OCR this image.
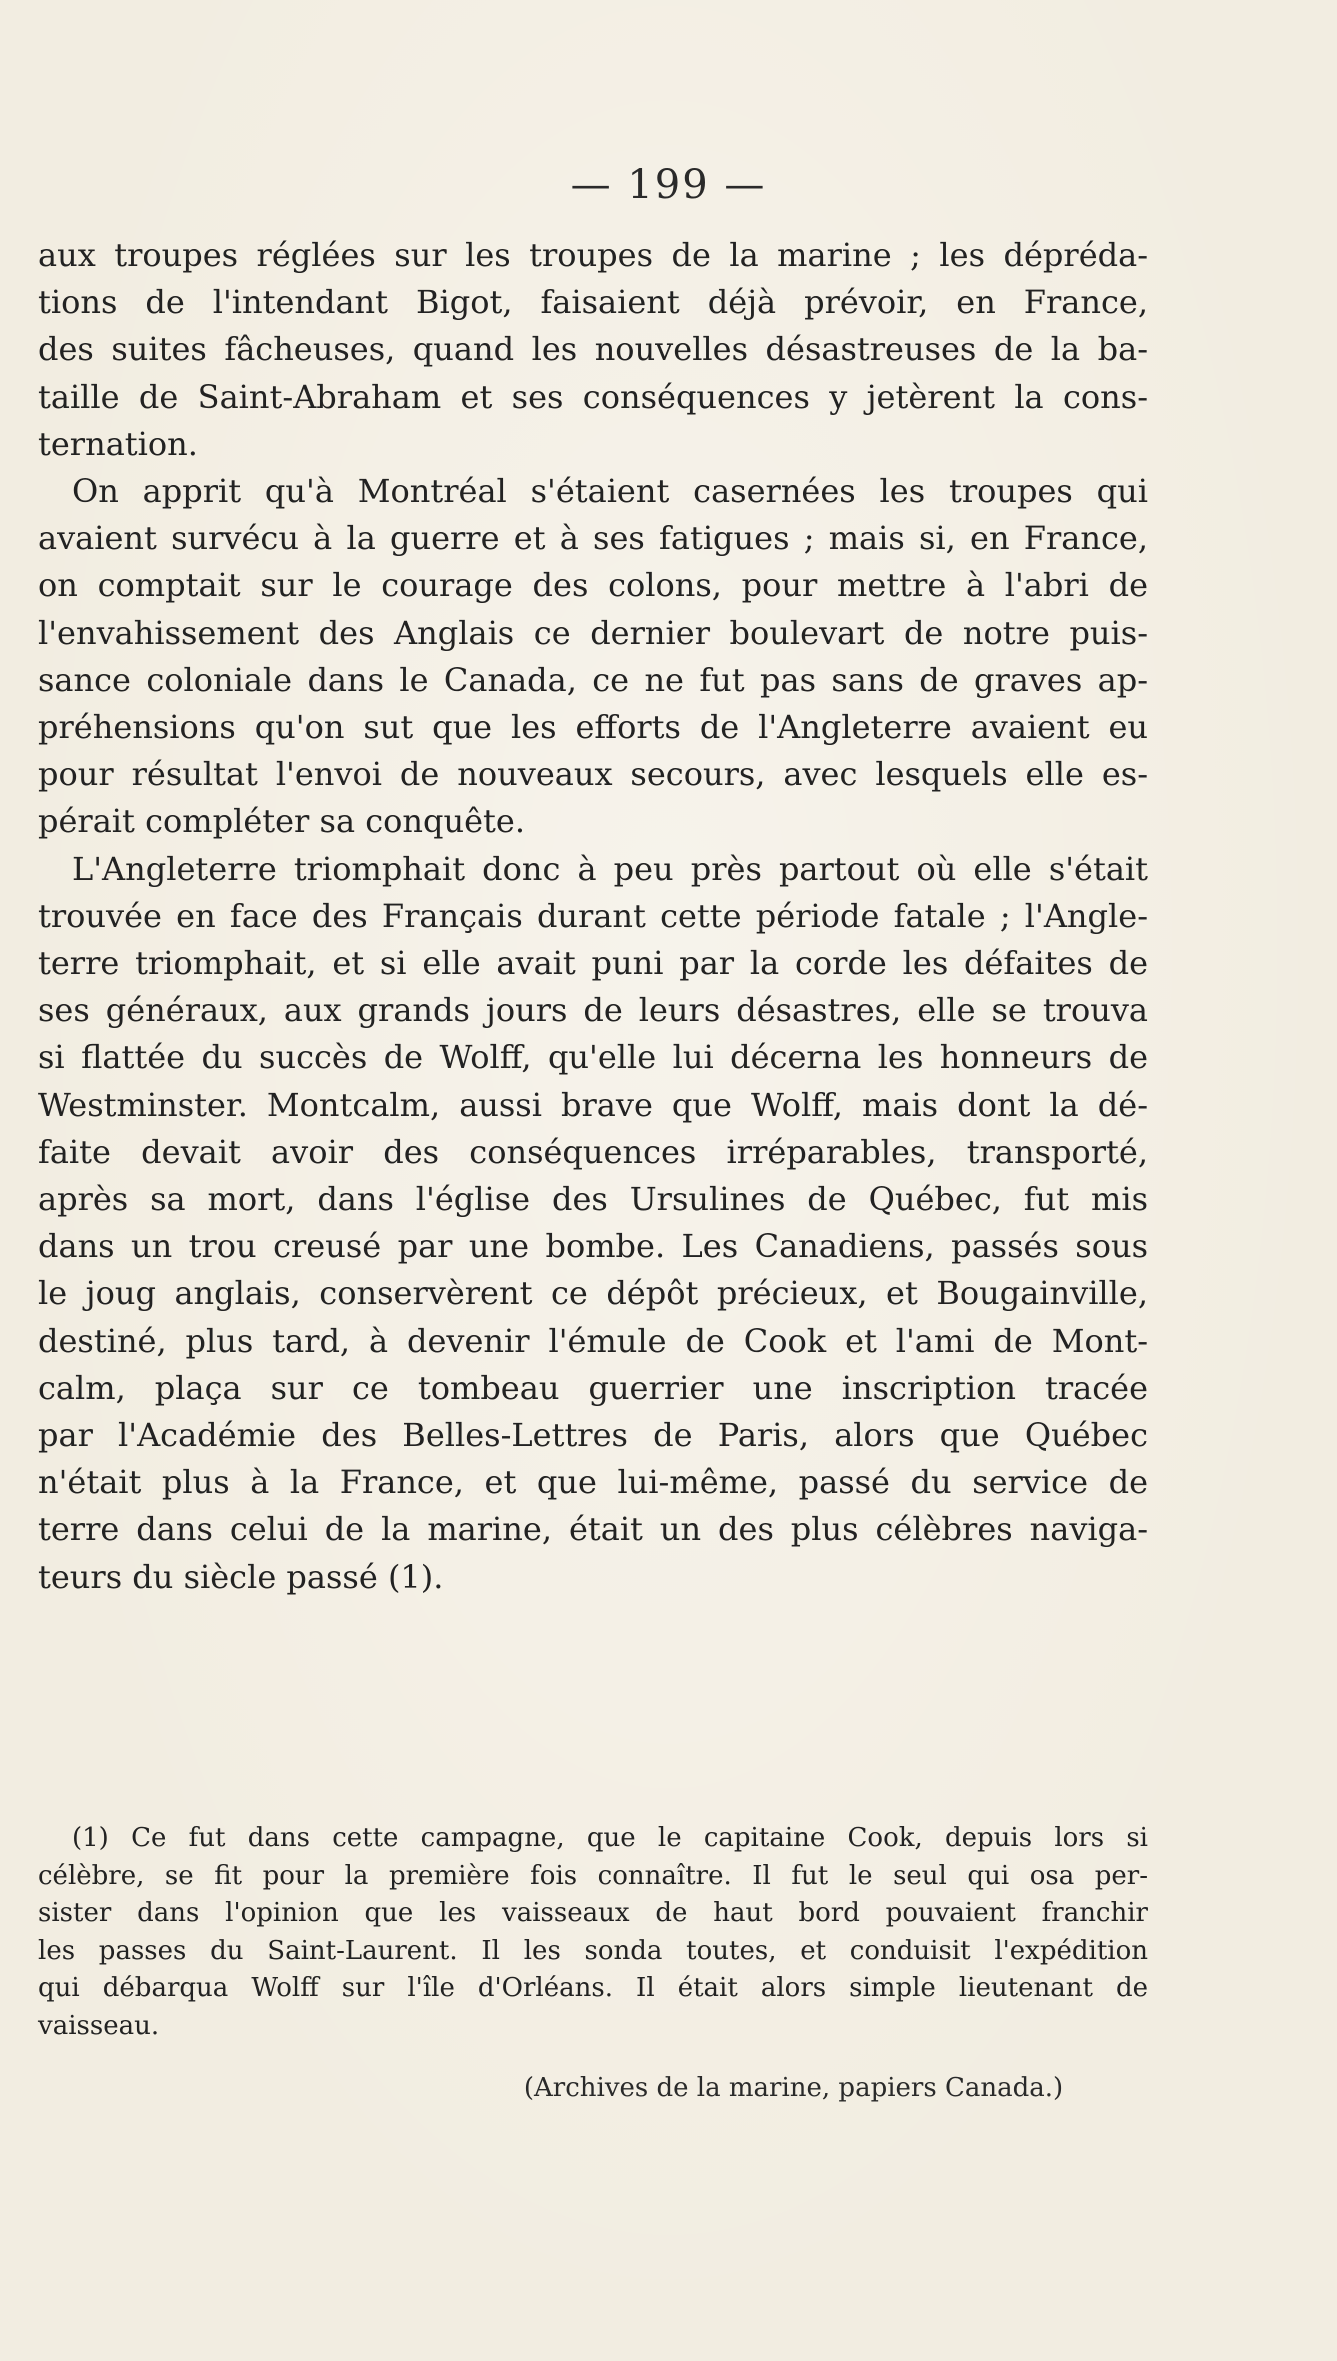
— 199 —
aux troupes réglées sur les troupes de la marine ; les dépréda-
tions de l'intendant Bigot, faisaient déjà prévoir, en France,
des suites fâcheuses, quand les nouvelles désastreuses de la ba-
taille de Saint-Abraham et ses conséquences y jetèrent la cons-
ternation.
On apprit qu'à Montréal s'étaient casernées les troupes qui
avaient survécu à la guerre et à ses fatigues ; mais si, en France,
on comptait sur le courage des colons, pour mettre à l'abri de
l'envahissement des Anglais ce dernier boulevart de notre puis-
sance coloniale dans le Canada, ce ne fut pas sans de graves ap-
préhensions qu'on sut que les efforts de l'Angleterre avaient eu
pour résultat l'envoi de nouveaux secours, avec lesquels elle es-
pérait compléter sa conquête.
L'Angleterre triomphait donc à peu près partout où elle s'était
trouvée en face des Français durant cette période fatale ; l'Angle-
terre triomphait, et si elle avait puni par la corde les défaites de
ses généraux, aux grands jours de leurs désastres, elle se trouva
si flattée du succès de Wolff, qu'elle lui décerna les honneurs de
Westminster. Montcalm, aussi brave que Wolff, mais dont la dé-
faite devait avoir des conséquences irréparables, transporté,
après sa mort, dans l'église des Ursulines de Québec, fut mis
dans un trou creusé par une bombe. Les Canadiens, passés sous
le joug anglais, conservèrent ce dépôt précieux, et Bougainville,
destiné, plus tard, à devenir l'émule de Cook et l'ami de Mont-
calm, plaça sur ce tombeau guerrier une inscription tracée
par l'Académie des Belles-Lettres de Paris, alors que Québec
n'était plus à la France, et que lui-même, passé du service de
terre dans celui de la marine, était un des plus célèbres naviga-
teurs du siècle passé (1).
(1) Ce fut dans cette campagne, que le capitaine Cook, depuis lors si
célèbre, se fit pour la première fois connaître. Il fut le seul qui osa per-
sister dans l'opinion que les vaisseaux de haut bord pouvaient franchir
les passes du Saint-Laurent. Il les sonda toutes, et conduisit l'expédition
qui débarqua Wolff sur l'île d'Orléans. Il était alors simple lieutenant de
vaisseau.
(Archives de la marine, papiers Canada.)
